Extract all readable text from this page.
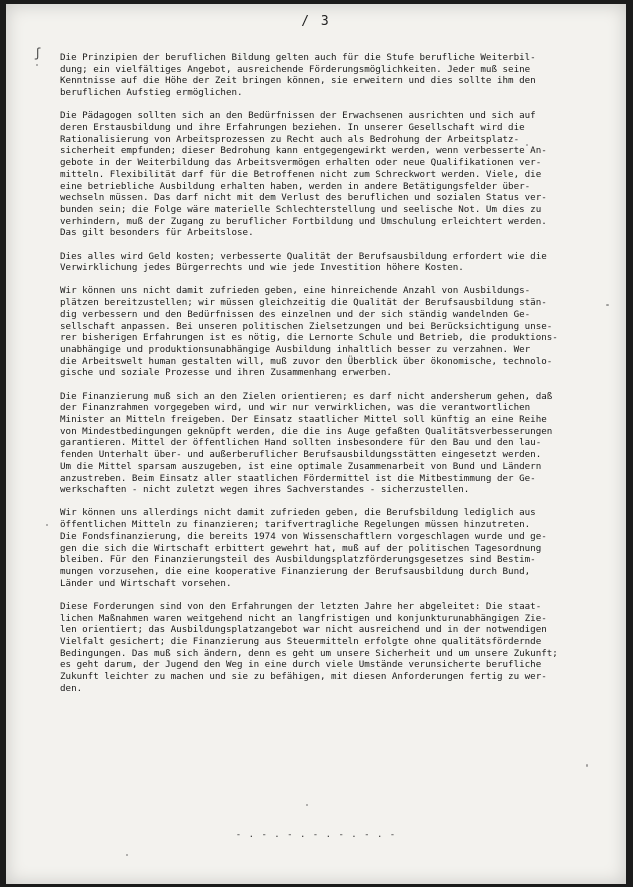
/ 3
ʃ Die Prinzipien der beruflichen Bildung gelten auch für die Stufe berufliche Weiterbil-
dung; ein vielfältiges Angebot, ausreichende Förderungsmöglichkeiten. Jeder muß seine
Kenntnisse auf die Höhe der Zeit bringen können, sie erweitern und dies sollte ihm den
beruflichen Aufstieg ermöglichen.
Die Pädagogen sollten sich an den Bedürfnissen der Erwachsenen ausrichten und sich auf
deren Erstausbildung und ihre Erfahrungen beziehen. In unserer Gesellschaft wird die
Rationalisierung von Arbeitsprozessen zu Recht auch als Bedrohung der Arbeitsplatz-
sicherheit empfunden; dieser Bedrohung kann entgegengewirkt werden, wenn verbesserte An-
gebote in der Weiterbildung das Arbeitsvermögen erhalten oder neue Qualifikationen ver-
mitteln. Flexibilität darf für die Betroffenen nicht zum Schreckwort werden. Viele, die
eine betriebliche Ausbildung erhalten haben, werden in andere Betätigungsfelder über-
wechseln müssen. Das darf nicht mit dem Verlust des beruflichen und sozialen Status ver-
bunden sein; die Folge wäre materielle Schlechterstellung und seelische Not. Um dies zu
verhindern, muß der Zugang zu beruflicher Fortbildung und Umschulung erleichtert werden.
Das gilt besonders für Arbeitslose.
Dies alles wird Geld kosten; verbesserte Qualität der Berufsausbildung erfordert wie die
Verwirklichung jedes Bürgerrechts und wie jede Investition höhere Kosten.
Wir können uns nicht damit zufrieden geben, eine hinreichende Anzahl von Ausbildungs-
plätzen bereitzustellen; wir müssen gleichzeitig die Qualität der Berufsausbildung stän-
dig verbessern und den Bedürfnissen des einzelnen und der sich ständig wandelnden Ge-
sellschaft anpassen. Bei unseren politischen Zielsetzungen und bei Berücksichtigung unse-
rer bisherigen Erfahrungen ist es nötig, die Lernorte Schule und Betrieb, die produktions-
unabhängige und produktionsunabhängige Ausbildung inhaltlich besser zu verzahnen. Wer
die Arbeitswelt human gestalten will, muß zuvor den Überblick über ökonomische, technolo-
gische und soziale Prozesse und ihren Zusammenhang erwerben.
Die Finanzierung muß sich an den Zielen orientieren; es darf nicht andersherum gehen, daß
der Finanzrahmen vorgegeben wird, und wir nur verwirklichen, was die verantwortlichen
Minister an Mitteln freigeben. Der Einsatz staatlicher Mittel soll künftig an eine Reihe
von Mindestbedingungen geknüpft werden, die die ins Auge gefaßten Qualitätsverbesserungen
garantieren. Mittel der öffentlichen Hand sollten insbesondere für den Bau und den lau-
fenden Unterhalt über- und außerberuflicher Berufsausbildungsstätten eingesetzt werden.
Um die Mittel sparsam auszugeben, ist eine optimale Zusammenarbeit von Bund und Ländern
anzustreben. Beim Einsatz aller staatlichen Fördermittel ist die Mitbestimmung der Ge-
werkschaften - nicht zuletzt wegen ihres Sachverstandes - sicherzustellen.
Wir können uns allerdings nicht damit zufrieden geben, die Berufsbildung lediglich aus
öffentlichen Mitteln zu finanzieren; tarifvertragliche Regelungen müssen hinzutreten.
Die Fondsfinanzierung, die bereits 1974 von Wissenschaftlern vorgeschlagen wurde und ge-
gen die sich die Wirtschaft erbittert gewehrt hat, muß auf der politischen Tagesordnung
bleiben. Für den Finanzierungsteil des Ausbildungsplatzförderungsgesetzes sind Bestim-
mungen vorzusehen, die eine kooperative Finanzierung der Berufsausbildung durch Bund,
Länder und Wirtschaft vorsehen.
Diese Forderungen sind von den Erfahrungen der letzten Jahre her abgeleitet: Die staat-
lichen Maßnahmen waren weitgehend nicht an langfristigen und konjunkturunabhängigen Zie-
len orientiert; das Ausbildungsplatzangebot war nicht ausreichend und in der notwendigen
Vielfalt gesichert; die Finanzierung aus Steuermitteln erfolgte ohne qualitätsfördernde
Bedingungen. Das muß sich ändern, denn es geht um unsere Sicherheit und um unsere Zukunft;
es geht darum, der Jugend den Weg in eine durch viele Umstände verunsicherte berufliche
Zukunft leichter zu machen und sie zu befähigen, mit diesen Anforderungen fertig zu wer-
den.
- . - . - . - . - . - . -
